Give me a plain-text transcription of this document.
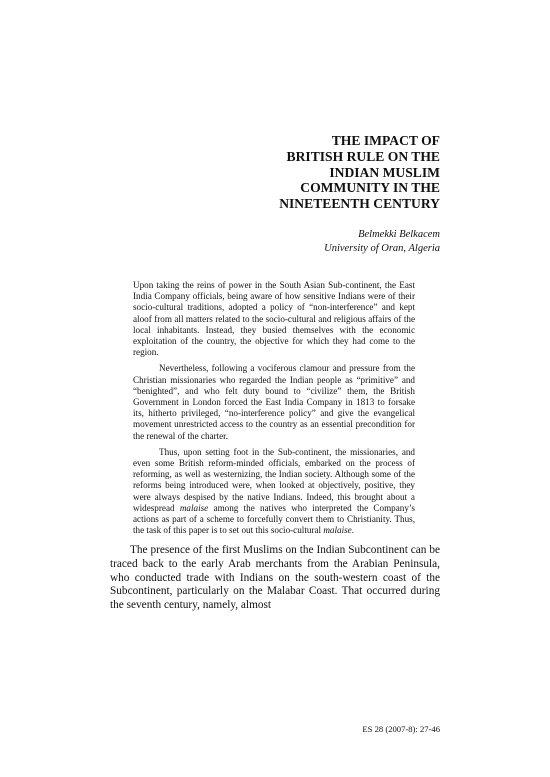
THE IMPACT OF
BRITISH RULE ON THE
INDIAN MUSLIM
COMMUNITY IN THE
NINETEENTH CENTURY
Belmekki Belkacem
University of Oran, Algeria

Upon taking the reins of power in the South Asian Sub-continent, the East India Company officials, being aware of how sensitive Indians were of their socio-cultural traditions, adopted a policy of “non-interference” and kept aloof from all matters related to the socio-cultural and religious affairs of the local inhabitants. Instead, they busied themselves with the economic exploitation of the country, the objective for which they had come to the region.

Nevertheless, following a vociferous clamour and pressure from the Christian missionaries who regarded the Indian people as “primitive” and “benighted”, and who felt duty bound to “civilize” them, the British Government in London forced the East India Company in 1813 to forsake its, hitherto privileged, “no-interference policy” and give the evangelical movement unrestricted access to the country as an essential precondition for the renewal of the charter.

Thus, upon setting foot in the Sub-continent, the missionaries, and even some British reform-minded officials, embarked on the process of reforming, as well as westernizing, the Indian society. Although some of the reforms being introduced were, when looked at objectively, positive, they were always despised by the native Indians. Indeed, this brought about a widespread malaise among the natives who interpreted the Company’s actions as part of a scheme to forcefully convert them to Christianity. Thus, the task of this paper is to set out this socio-cultural malaise.

The presence of the first Muslims on the Indian Subcontinent can be traced back to the early Arab merchants from the Arabian Peninsula, who conducted trade with Indians on the south-western coast of the Subcontinent, particularly on the Malabar Coast. That occurred during the seventh century, namely, almost

ES 28 (2007-8): 27-46
